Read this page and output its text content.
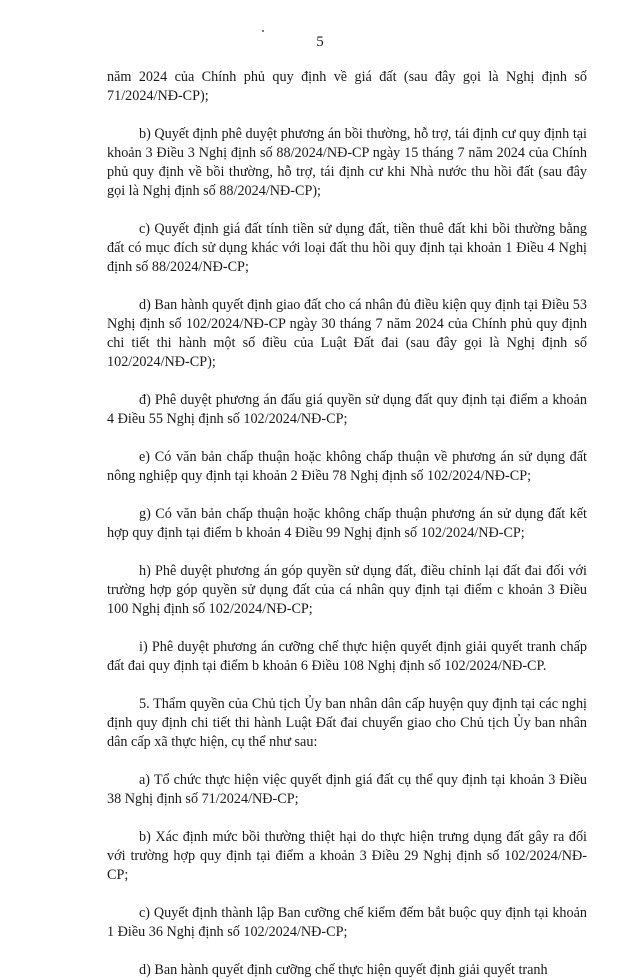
5

năm 2024 của Chính phủ quy định về giá đất (sau đây gọi là Nghị định số 71/2024/NĐ-CP);

b) Quyết định phê duyệt phương án bồi thường, hỗ trợ, tái định cư quy định tại khoản 3 Điều 3 Nghị định số 88/2024/NĐ-CP ngày 15 tháng 7 năm 2024 của Chính phủ quy định về bồi thường, hỗ trợ, tái định cư khi Nhà nước thu hồi đất (sau đây gọi là Nghị định số 88/2024/NĐ-CP);

c) Quyết định giá đất tính tiền sử dụng đất, tiền thuê đất khi bồi thường bằng đất có mục đích sử dụng khác với loại đất thu hồi quy định tại khoản 1 Điều 4 Nghị định số 88/2024/NĐ-CP;

d) Ban hành quyết định giao đất cho cá nhân đủ điều kiện quy định tại Điều 53 Nghị định số 102/2024/NĐ-CP ngày 30 tháng 7 năm 2024 của Chính phủ quy định chi tiết thi hành một số điều của Luật Đất đai (sau đây gọi là Nghị định số 102/2024/NĐ-CP);

đ) Phê duyệt phương án đấu giá quyền sử dụng đất quy định tại điểm a khoản 4 Điều 55 Nghị định số 102/2024/NĐ-CP;

e) Có văn bản chấp thuận hoặc không chấp thuận về phương án sử dụng đất nông nghiệp quy định tại khoản 2 Điều 78 Nghị định số 102/2024/NĐ-CP;

g) Có văn bản chấp thuận hoặc không chấp thuận phương án sử dụng đất kết hợp quy định tại điểm b khoản 4 Điều 99 Nghị định số 102/2024/NĐ-CP;

h) Phê duyệt phương án góp quyền sử dụng đất, điều chỉnh lại đất đai đối với trường hợp góp quyền sử dụng đất của cá nhân quy định tại điểm c khoản 3 Điều 100 Nghị định số 102/2024/NĐ-CP;

i) Phê duyệt phương án cưỡng chế thực hiện quyết định giải quyết tranh chấp đất đai quy định tại điểm b khoản 6 Điều 108 Nghị định số 102/2024/NĐ-CP.

5. Thẩm quyền của Chủ tịch Ủy ban nhân dân cấp huyện quy định tại các nghị định quy định chi tiết thi hành Luật Đất đai chuyển giao cho Chủ tịch Ủy ban nhân dân cấp xã thực hiện, cụ thể như sau:

a) Tổ chức thực hiện việc quyết định giá đất cụ thể quy định tại khoản 3 Điều 38 Nghị định số 71/2024/NĐ-CP;

b) Xác định mức bồi thường thiệt hại do thực hiện trưng dụng đất gây ra đối với trường hợp quy định tại điểm a khoản 3 Điều 29 Nghị định số 102/2024/NĐ-CP;

c) Quyết định thành lập Ban cưỡng chế kiểm đếm bắt buộc quy định tại khoản 1 Điều 36 Nghị định số 102/2024/NĐ-CP;

d) Ban hành quyết định cưỡng chế thực hiện quyết định giải quyết tranh
